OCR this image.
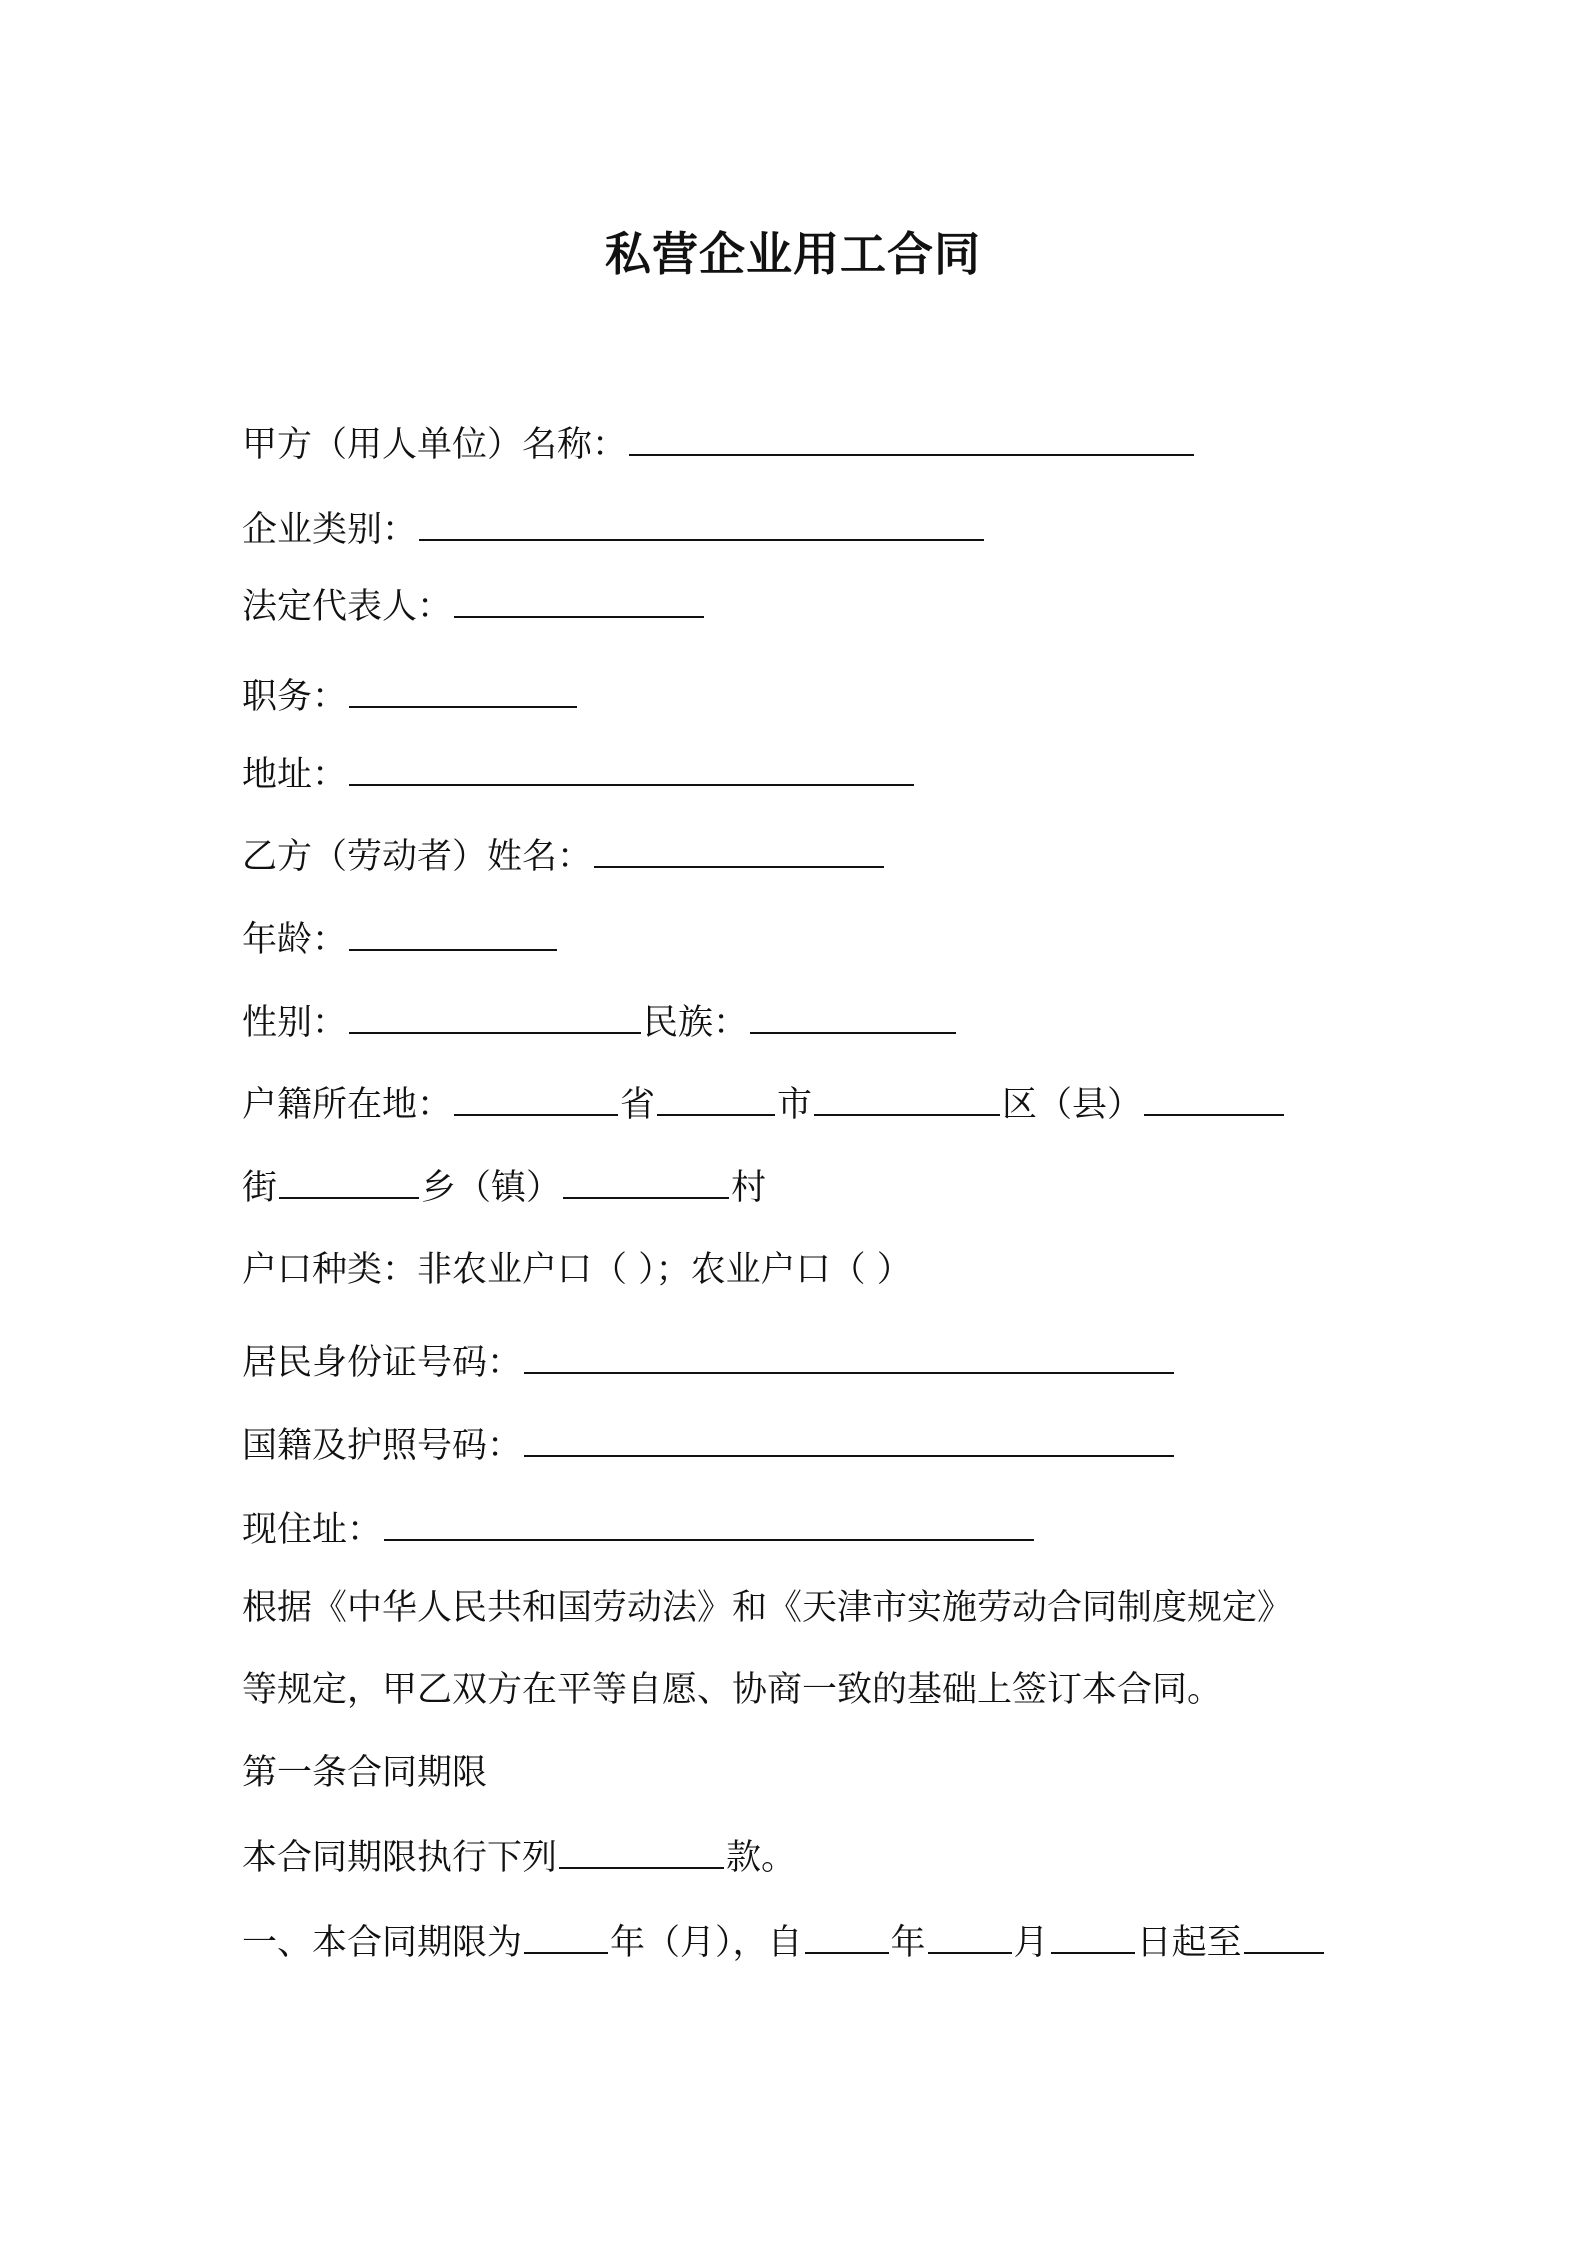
私营企业用工合同
甲方（用人单位）名称：
企业类别：
法定代表人：
职务：
地址：
乙方（劳动者）姓名：
年龄：
性别：	民族：
户籍所在地：	省	市	区（县）
街	乡（镇）	村
户口种类：非农业户口（ ）；农业户口（ ）
居民身份证号码：
国籍及护照号码：
现住址：
根据《中华人民共和国劳动法》和《天津市实施劳动合同制度规定》
等规定，甲乙双方在平等自愿、协商一致的基础上签订本合同。
第一条合同期限
本合同期限执行下列	款。
一、本合同期限为	年（月），自	年	月	日起至
